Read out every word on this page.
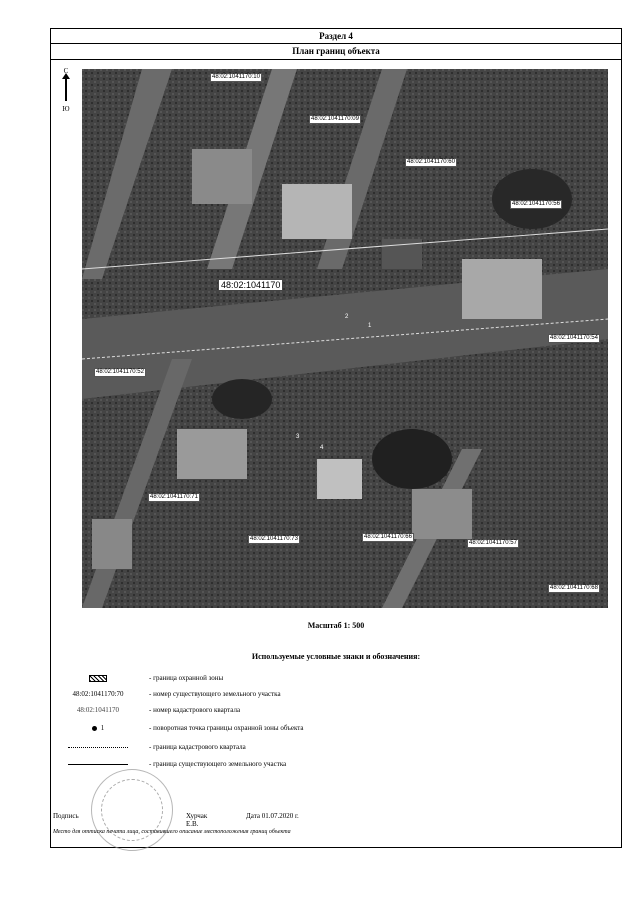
Раздел 4
План границ объекта
С
Ю
48:02:1041170
48:02:1041170:10
48:02:1041170:09
48:02:1041170:60
48:02:1041170:56
48:02:1041170:54
48:02:1041170:52
48:02:1041170:71
48:02:1041170:73	48:02:1041170:66
48:02:1041170:57
48:02:1041170:68
1
2
3
4
Масштаб 1: 500
Используемые условные знаки и обозначения:
- граница охранной зоны
48:02:1041170:70	- номер существующего земельного участка
48:02:1041170	- номер кадастрового квартала
1	- поворотная точка границы охранной зоны объекта
- граница кадастрового квартала
- граница существующего земельного участка
Подпись	Хурчак Е.В.
Дата 01.07.2020 г.
Место для оттиска печати лица, составившего описание местоположения границ объекта
